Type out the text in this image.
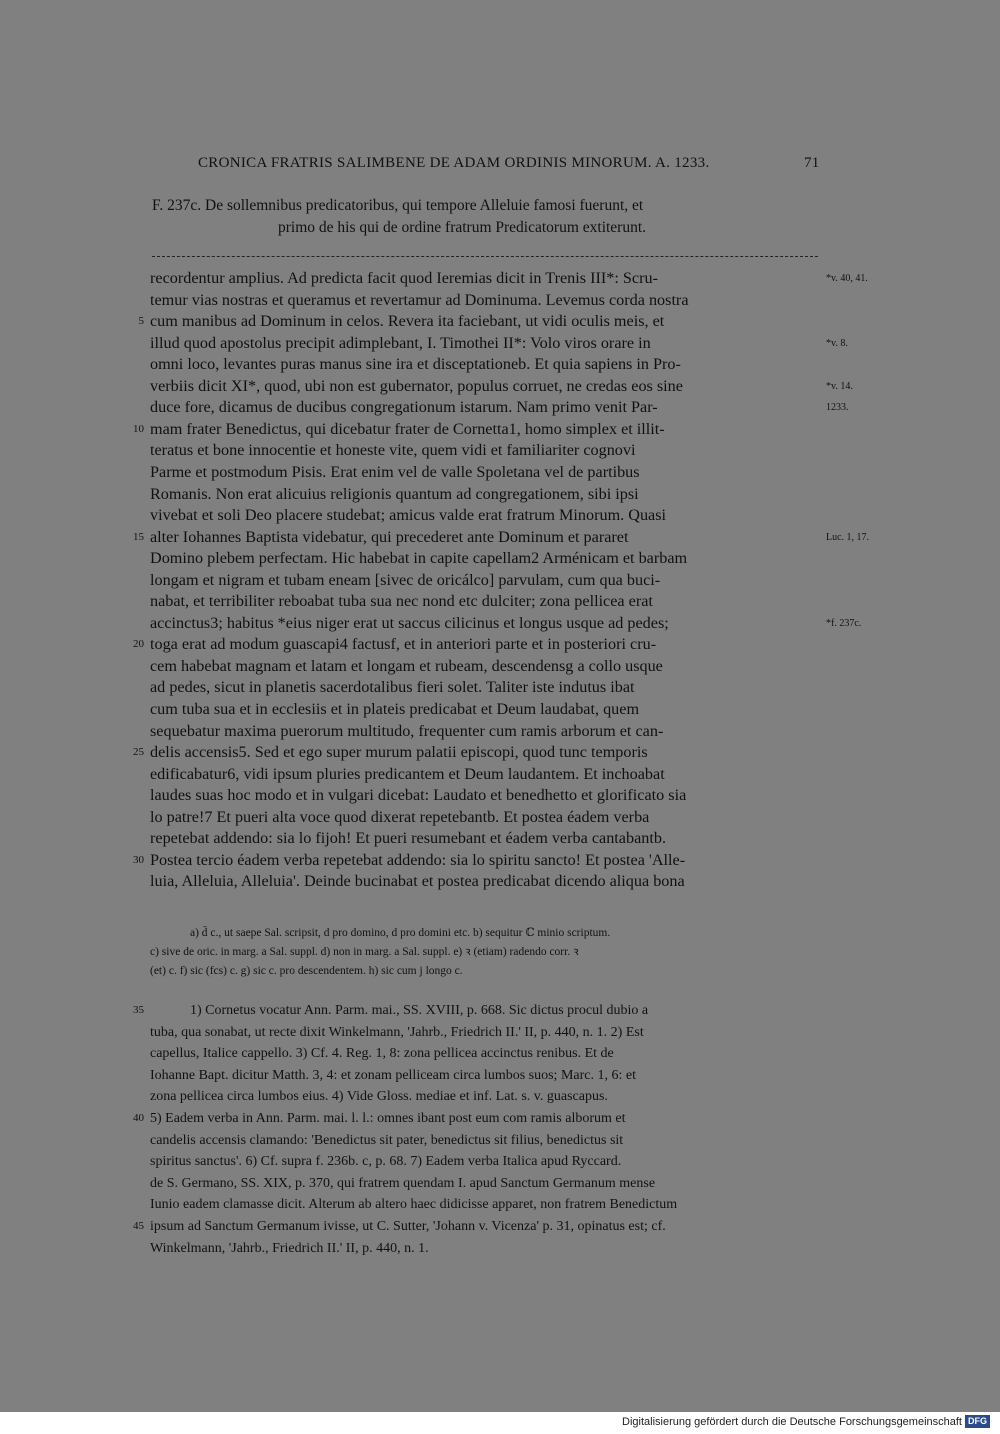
CRONICA FRATRIS SALIMBENE DE ADAM ORDINIS MINORUM. A. 1233.	71
F. 237c. De sollemnibus predicatoribus, qui tempore Alleluie famosi fuerunt, et
primo de his qui de ordine fratrum Predicatorum extiterunt.
recordentur amplius. Ad predicta facit quod Ieremias dicit in Trenis III*: Scru-
temur vias nostras et queramus et revertamur ad Dominuma. Levemus corda nostra
cum manibus ad Dominum in celos. Revera ita faciebant, ut vidi oculis meis, et
5
illud quod apostolus precipit adimplebant, I. Timothei II*: Volo viros orare in
omni loco, levantes puras manus sine ira et disceptationeb. Et quia sapiens in Pro-
verbiis dicit XI*, quod, ubi non est gubernator, populus corruet, ne credas eos sine
duce fore, dicamus de ducibus congregationum istarum. Nam primo venit Par-
mam frater Benedictus, qui dicebatur frater de Cornetta1, homo simplex et illit-
10
teratus et bone innocentie et honeste vite, quem vidi et familiariter cognovi
Parme et postmodum Pisis. Erat enim vel de valle Spoletana vel de partibus
Romanis. Non erat alicuius religionis quantum ad congregationem, sibi ipsi
vivebat et soli Deo placere studebat; amicus valde erat fratrum Minorum. Quasi
alter Iohannes Baptista videbatur, qui precederet ante Dominum et pararet
15
Domino plebem perfectam. Hic habebat in capite capellam2 Arménicam et barbam
longam et nigram et tubam eneam [sivec de oricálco] parvulam, cum qua buci-
nabat, et terribiliter reboabat tuba sua nec nond etc dulciter; zona pellicea erat
accinctus3; habitus *eius niger erat ut saccus cilicinus et longus usque ad pedes;
toga erat ad modum guascapi4 factusf, et in anteriori parte et in posteriori cru-
20
cem habebat magnam et latam et longam et rubeam, descendensg a collo usque
ad pedes, sicut in planetis sacerdotalibus fieri solet. Taliter iste indutus ibat
cum tuba sua et in ecclesiis et in plateis predicabat et Deum laudabat, quem
sequebatur maxima puerorum multitudo, frequenter cum ramis arborum et can-
delis accensis5. Sed et ego super murum palatii episcopi, quod tunc temporis
25
edificabatur6, vidi ipsum pluries predicantem et Deum laudantem. Et inchoabat
laudes suas hoc modo et in vulgari dicebat: Laudato et benedhetto et glorificato sia
lo patre!7 Et pueri alta voce quod dixerat repetebantb. Et postea éadem verba
repetebat addendo: sia lo fijoh! Et pueri resumebant et éadem verba cantabantb.
Postea tercio éadem verba repetebat addendo: sia lo spiritu sancto! Et postea 'Alle-
30
luia, Alleluia, Alleluia'. Deinde bucinabat et postea predicabat dicendo aliqua bona
*v. 40, 41.
*v. 8.
*v. 14.
1233.
Luc. 1, 17.
*f. 237c.
a) d̄ c., ut saepe Sal. scripsit, d pro domino, d pro domini etc. b) sequitur ℂ minio scriptum.
c) sive de oric. in marg. a Sal. suppl. d) non in marg. a Sal. suppl. e) ꝛ (etiam) radendo corr. ꝛ
(et) c. f) sic (fcs) c. g) sic c. pro descendentem. h) sic cum j longo c.
1) Cornetus vocatur Ann. Parm. mai., SS. XVIII, p. 668. Sic dictus procul dubio a
35
tuba, qua sonabat, ut recte dixit Winkelmann, 'Jahrb., Friedrich II.' II, p. 440, n. 1. 2) Est
capellus, Italice cappello. 3) Cf. 4. Reg. 1, 8: zona pellicea accinctus renibus. Et de
Iohanne Bapt. dicitur Matth. 3, 4: et zonam pelliceam circa lumbos suos; Marc. 1, 6: et
zona pellicea circa lumbos eius. 4) Vide Gloss. mediae et inf. Lat. s. v. guascapus.
5) Eadem verba in Ann. Parm. mai. l. l.: omnes ibant post eum com ramis alborum et
40
candelis accensis clamando: 'Benedictus sit pater, benedictus sit filius, benedictus sit
spiritus sanctus'. 6) Cf. supra f. 236b. c, p. 68. 7) Eadem verba Italica apud Ryccard.
de S. Germano, SS. XIX, p. 370, qui fratrem quendam I. apud Sanctum Germanum mense
Iunio eadem clamasse dicit. Alterum ab altero haec didicisse apparet, non fratrem Benedictum
ipsum ad Sanctum Germanum ivisse, ut C. Sutter, 'Johann v. Vicenza' p. 31, opinatus est; cf.
45
Winkelmann, 'Jahrb., Friedrich II.' II, p. 440, n. 1.
Digitalisierung gefördert durch die Deutsche Forschungsgemeinschaft DFG
